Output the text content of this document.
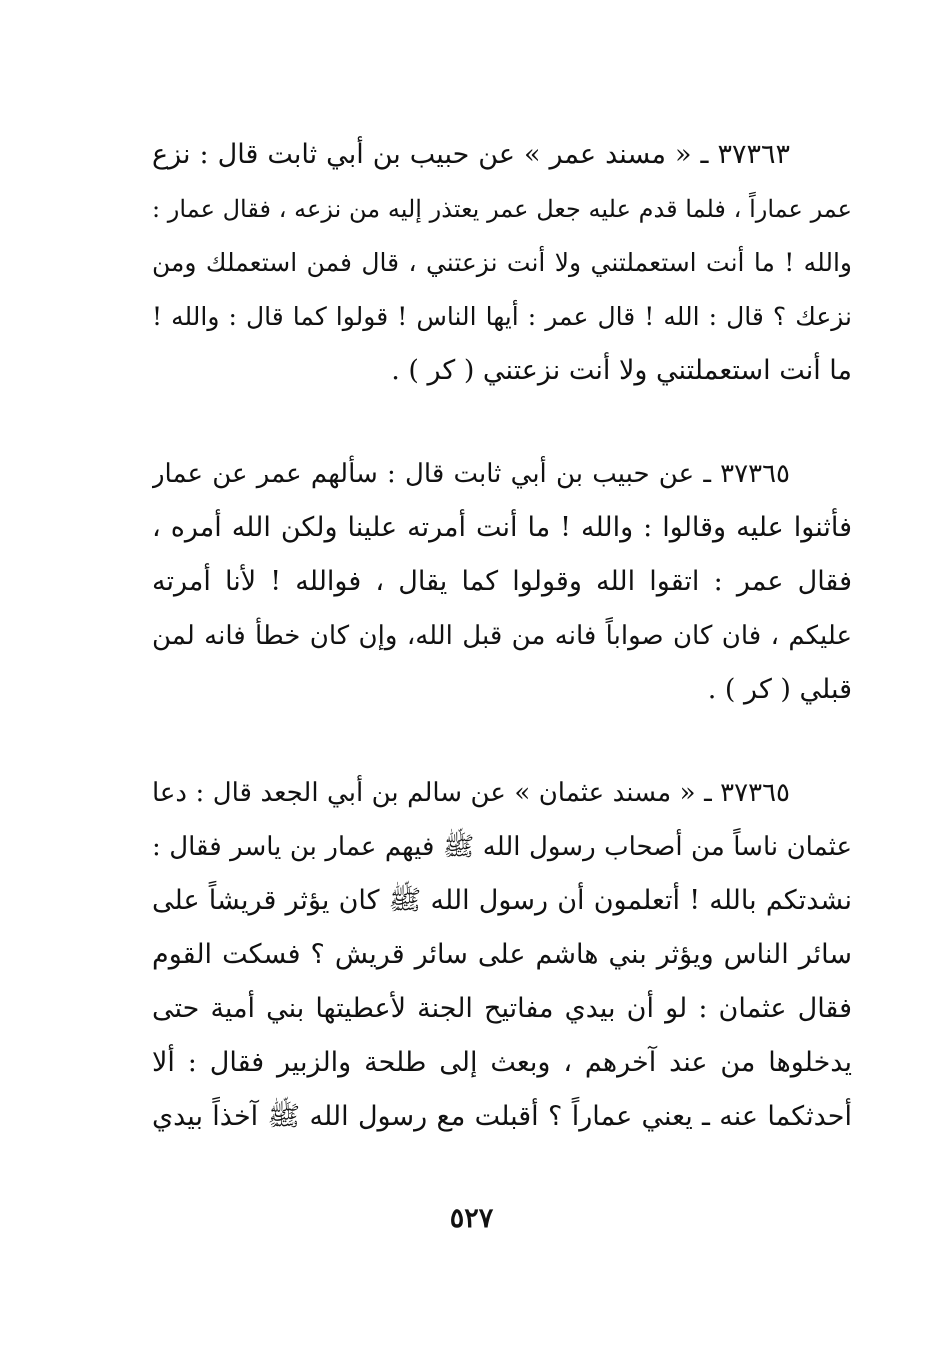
٣٧٣٦٣ ـ « مسند عمر » عن حبيب بن أبي ثابت قال : نزع
عمر عماراً ، فلما قدم عليه جعل عمر يعتذر إليه من نزعه ، فقال عمار :
والله ! ما أنت استعملتني ولا أنت نزعتني ، قال فمن استعملك ومن
نزعك ؟ قال : الله ! قال عمر : أيها الناس ! قولوا كما قال : والله !
ما أنت استعملتني ولا أنت نزعتني ( كر ) .
٣٧٣٦٥ ـ عن حبيب بن أبي ثابت قال : سألهم عمر عن عمار
فأثنوا عليه وقالوا : والله ! ما أنت أمرته علينا ولكن الله أمره ،
فقال عمر : اتقوا الله وقولوا كما يقال ، فوالله ! لأنا أمرته
عليكم ، فان كان صواباً فانه من قبل الله، وإن كان خطأ فانه لمن
قبلي ( كر ) .
٣٧٣٦٥ ـ « مسند عثمان » عن سالم بن أبي الجعد قال : دعا
عثمان ناساً من أصحاب رسول الله ﷺ فيهم عمار بن ياسر فقال :
نشدتكم بالله ! أتعلمون أن رسول الله ﷺ كان يؤثر قريشاً على
سائر الناس ويؤثر بني هاشم على سائر قريش ؟ فسكت القوم
فقال عثمان : لو أن بيدي مفاتيح الجنة لأعطيتها بني أمية حتى
يدخلوها من عند آخرهم ، وبعث إلى طلحة والزبير فقال : ألا
أحدثكما عنه ـ يعني عماراً ؟ أقبلت مع رسول الله ﷺ آخذاً بيدي
٥٢٧
